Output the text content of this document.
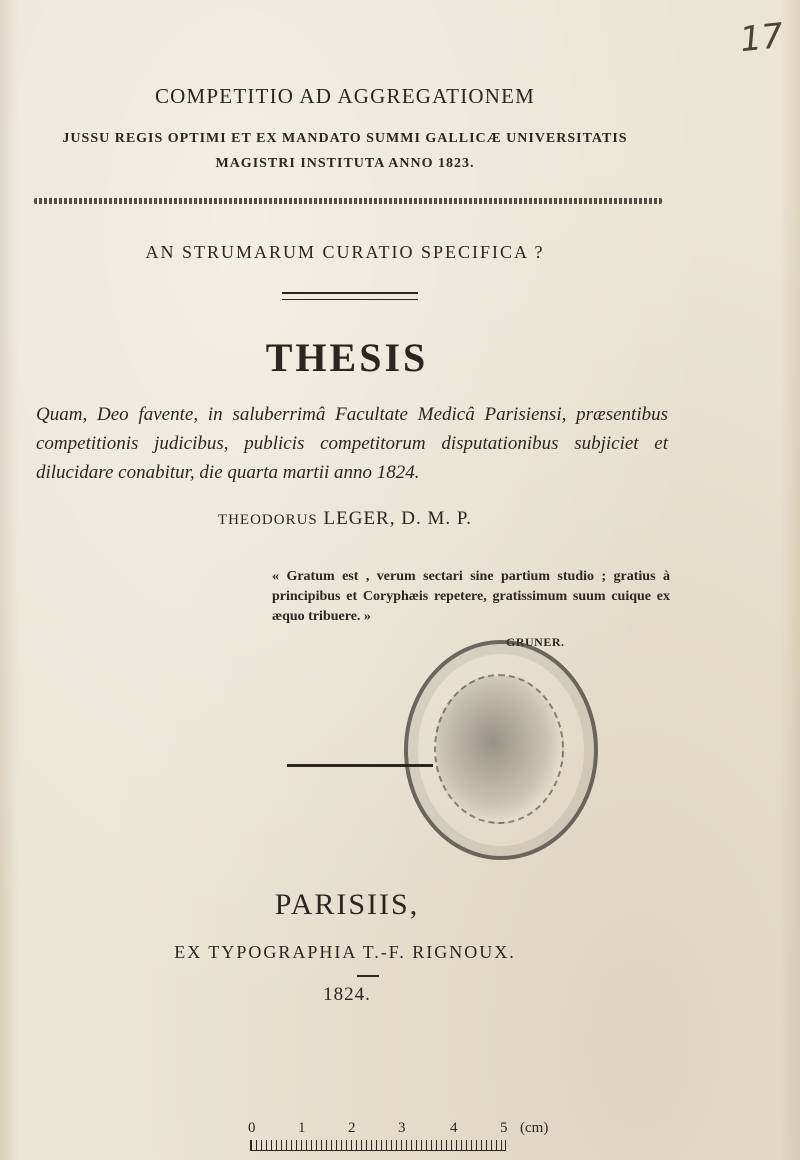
17
COMPETITIO AD AGGREGATIONEM
JUSSU REGIS OPTIMI ET EX MANDATO SUMMI GALLICÆ UNIVERSITATIS
MAGISTRI INSTITUTA ANNO 1823.
AN STRUMARUM CURATIO SPECIFICA ?
THESIS
Quam, Deo favente, in saluberrimâ Facultate Medicâ Parisiensi, præsentibus competitionis judicibus, publicis competitorum disputationibus subjiciet et dilucidare conabitur, die quarta martii anno 1824.
THEODORUS LEGER, D. M. P.
« Gratum est , verum sectari sine partium studio ; gratius à principibus et Coryphæis repetere, gratissimum suum cuique ex æquo tribuere. »
GRUNER.
PARISIIS,
EX TYPOGRAPHIA T.-F. RIGNOUX.
1824.
0	1	2	3	4	5 (cm)
